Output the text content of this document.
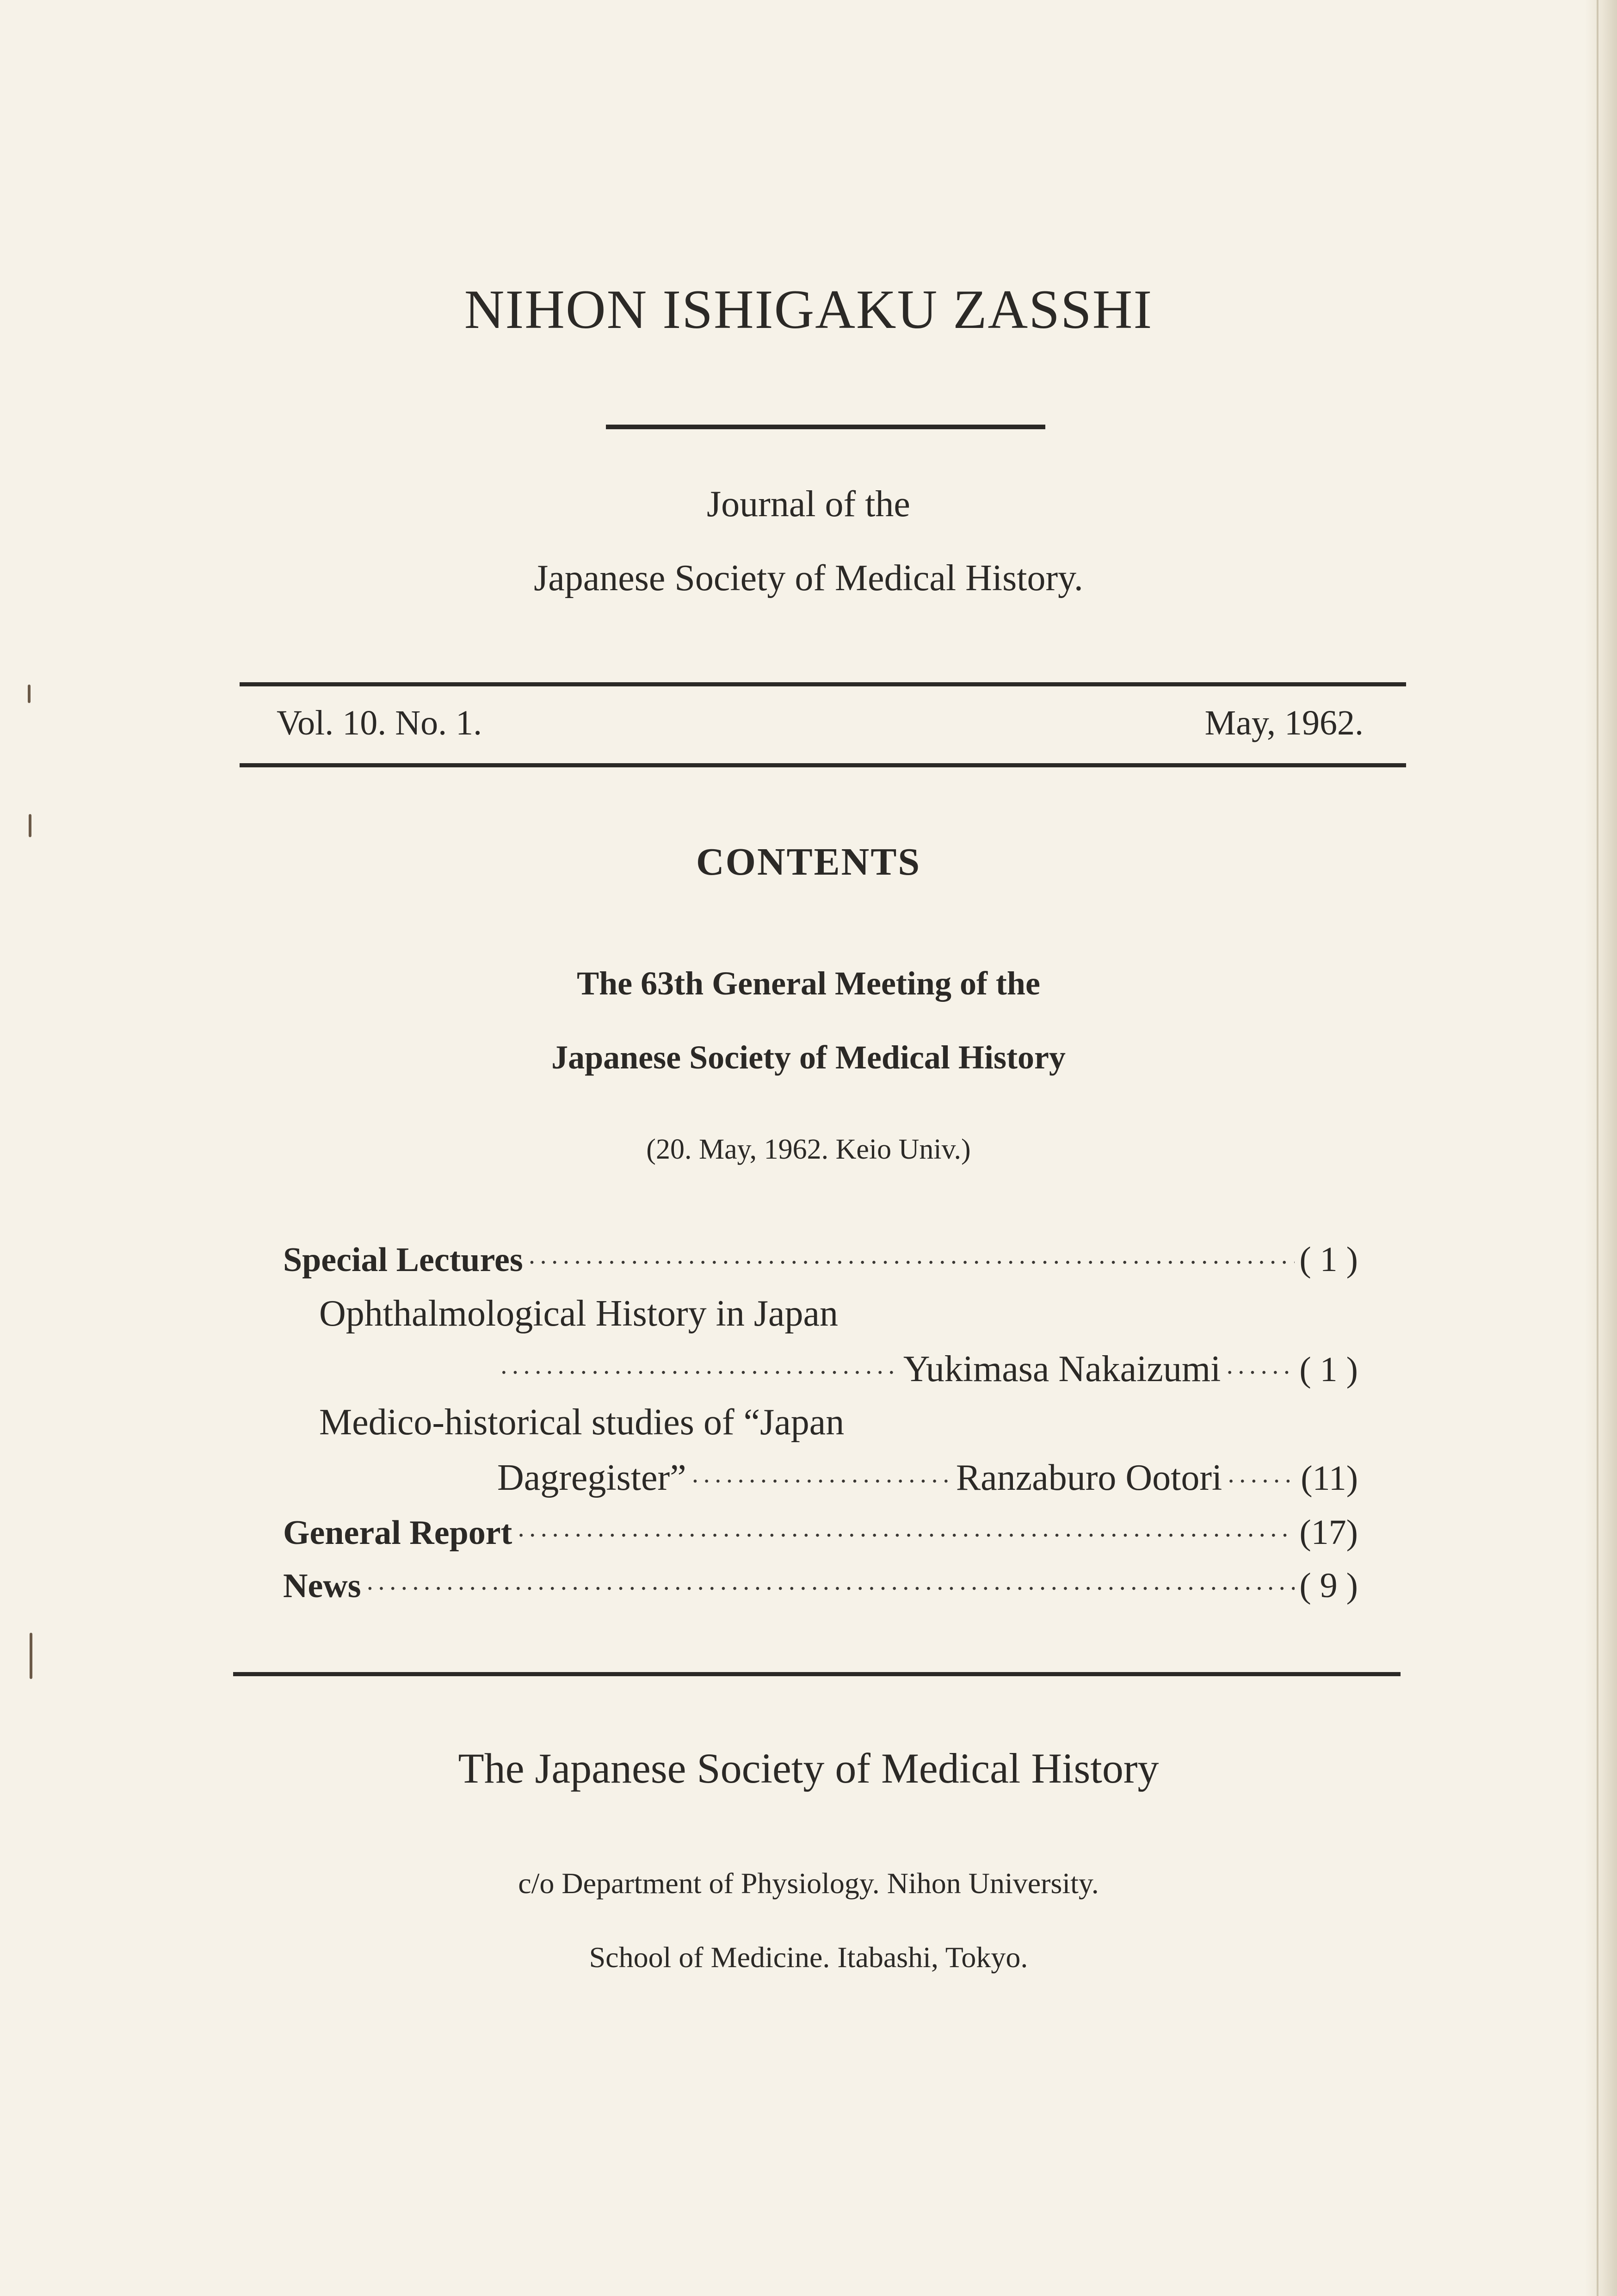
NIHON ISHIGAKU ZASSHI
Journal of the
Japanese Society of Medical History.
Vol. 10. No. 1.	May, 1962.
CONTENTS
The 63th General Meeting of the
Japanese Society of Medical History
(20. May, 1962. Keio Univ.)
Special Lectures ·····	( 1 )
Ophthalmological History in Japan
·····
Yukimasa Nakaizumi ····· ( 1 )
Medico-historical studies of “Japan
Dagregister” ·····	Ranzaburo Ootori ····· (11)
General Report ·····	(17)
News ·····	( 9 )
The Japanese Society of Medical History
c/o Department of Physiology. Nihon University.
School of Medicine. Itabashi, Tokyo.
